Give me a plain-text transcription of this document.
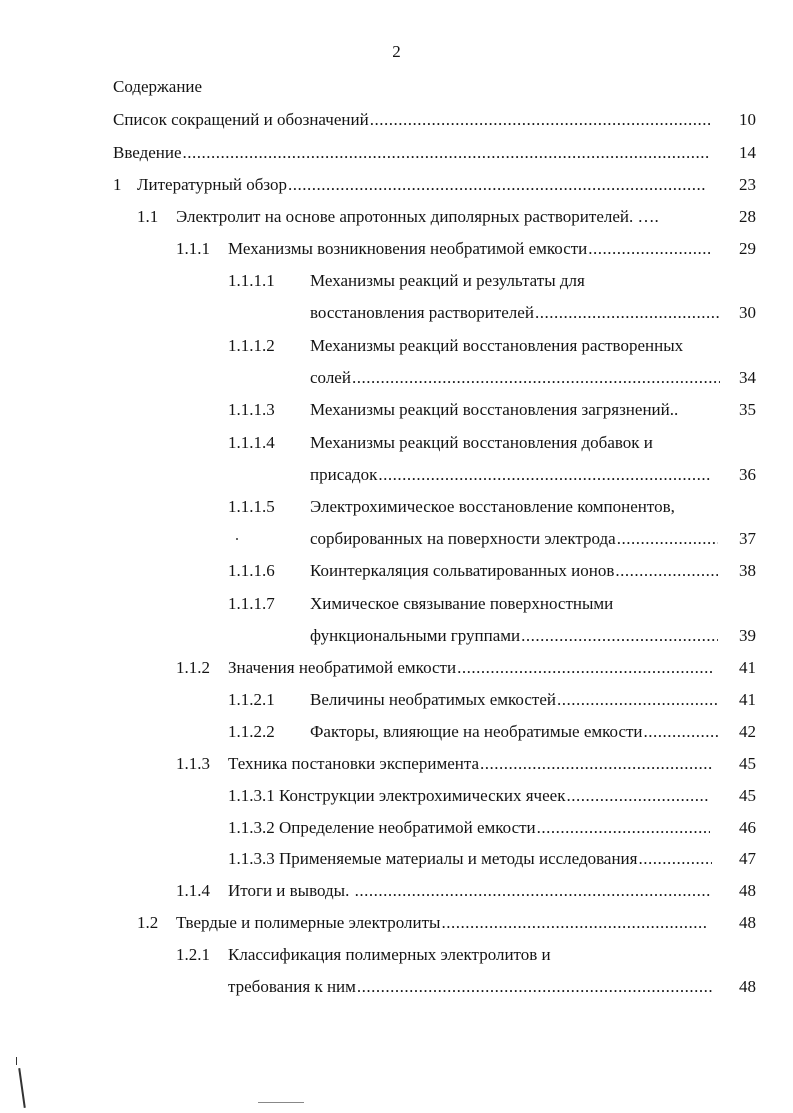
2
Содержание
Список сокращений и обозначений .....	10
Введение .....	14
1 Литературный обзор .....	23
1.1 Электролит на основе апротонных диполярных растворителей. ….	28
1.1.1 Механизмы возникновения необратимой емкости .....	29
1.1.1.1 Механизмы реакций и результаты для
восстановления растворителей .....	30
1.1.1.2 Механизмы реакций восстановления растворенных
солей .....	34
1.1.1.3 Механизмы реакций восстановления загрязнений..	35
1.1.1.4 Механизмы реакций восстановления добавок и
присадок .....	36
1.1.1.5 Электрохимическое восстановление компонентов,
сорбированных на поверхности электрода .....	37
1.1.1.6 Коинтеркаляция сольватированных ионов .....	38
1.1.1.7 Химическое связывание поверхностными
функциональными группами .....	39
1.1.2 Значения необратимой емкости .....	41
1.1.2.1 Величины необратимых емкостей .....	41
1.1.2.2 Факторы, влияющие на необратимые емкости .....	42
1.1.3 Техника постановки эксперимента .....	45
1.1.3.1 Конструкции электрохимических ячеек .....	45
1.1.3.2 Определение необратимой емкости .....	46
1.1.3.3 Применяемые материалы и методы исследования .....	47
1.1.4 Итоги и выводы. .....	48
1.2 Твердые и полимерные электролиты .....	48
1.2.1 Классификация полимерных электролитов и
требования к ним .....	48
